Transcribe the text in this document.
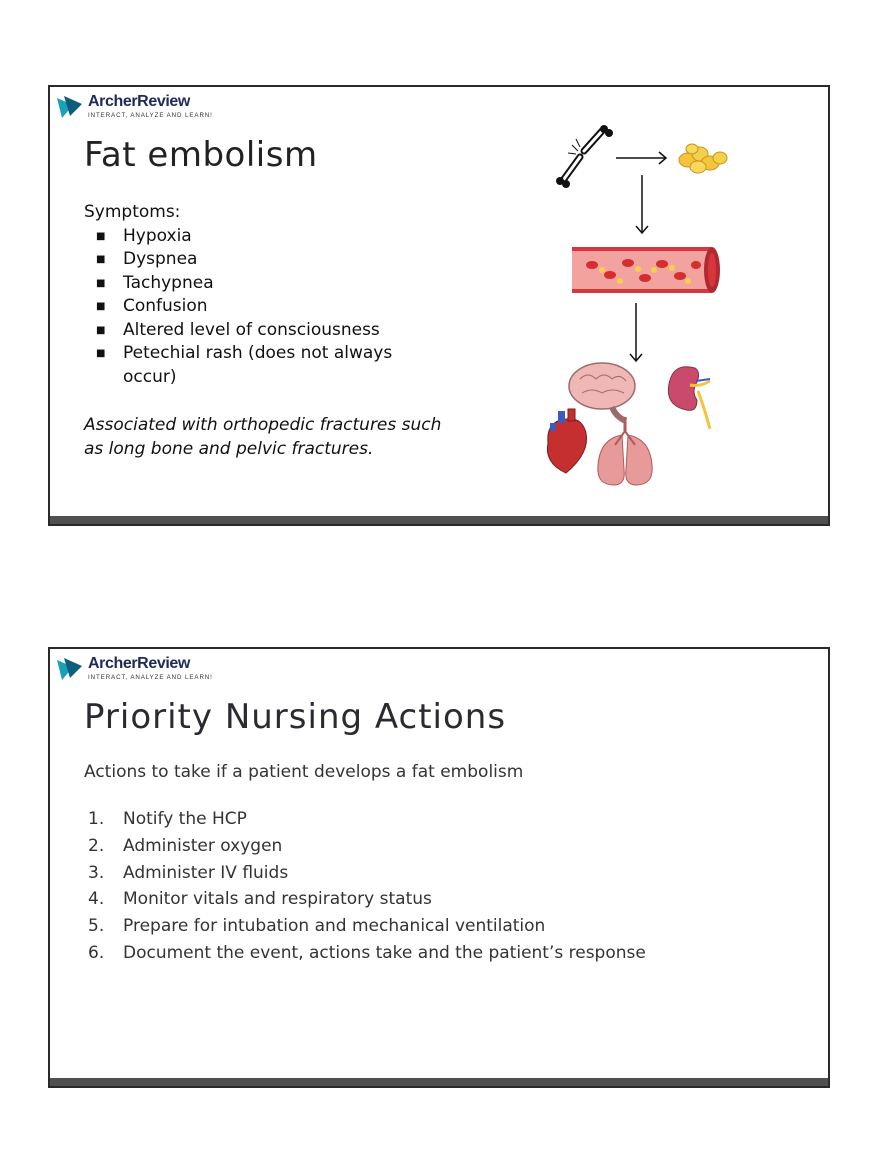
ArcherReview
INTERACT, ANALYZE AND LEARN!
Fat embolism
Symptoms:
■ Hypoxia
■ Dyspnea
■ Tachypnea
■ Confusion
■ Altered level of consciousness
■ Petechial rash (does not always occur)
Associated with orthopedic fractures such as long bone and pelvic fractures.
ArcherReview
INTERACT, ANALYZE AND LEARN!
Priority Nursing Actions
Actions to take if a patient develops a fat embolism
1. Notify the HCP
2. Administer oxygen
3. Administer IV fluids
4. Monitor vitals and respiratory status
5. Prepare for intubation and mechanical ventilation
6. Document the event, actions take and the patient’s response
